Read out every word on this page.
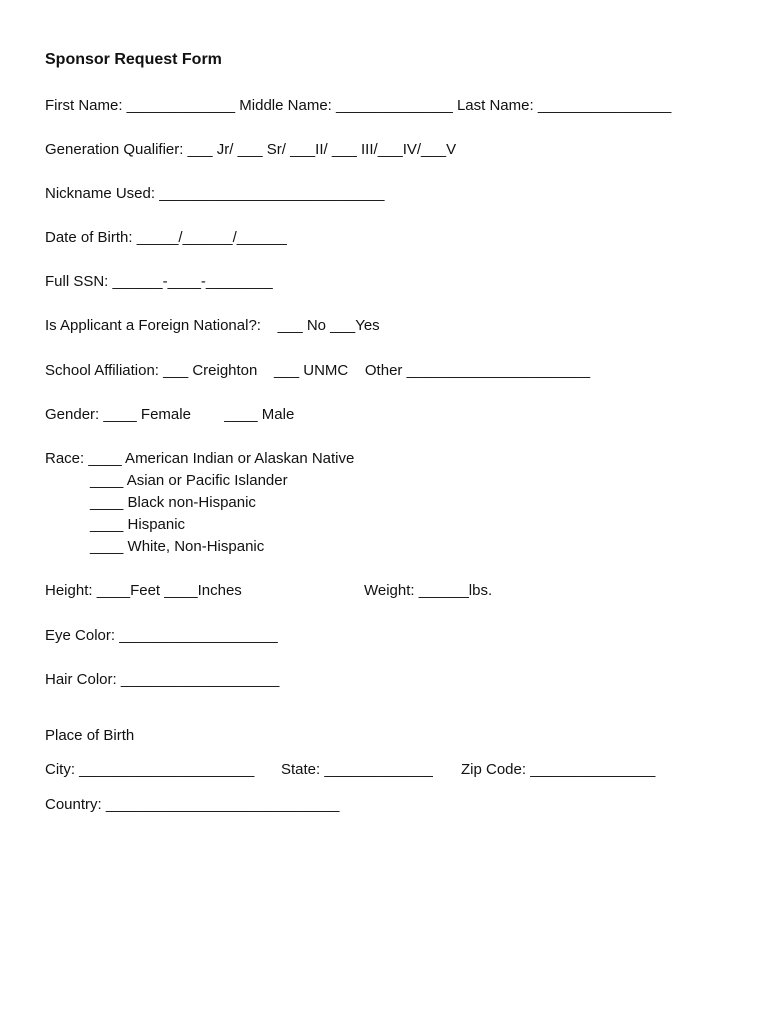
Sponsor Request Form
First Name: _____________ Middle Name: ______________ Last Name: ________________
Generation Qualifier: ___ Jr/ ___ Sr/ ___II/ ___ III/___IV/___V
Nickname Used: ___________________________
Date of Birth: _____/______/______
Full SSN: ______-____-________
Is Applicant a Foreign National?:    ___ No ___Yes
School Affiliation: ___ Creighton    ___ UNMC    Other ______________________
Gender: ____ Female        ____ Male
Race: ____ American Indian or Alaskan Native
____ Asian or Pacific Islander
____ Black non-Hispanic
____ Hispanic
____ White, Non-Hispanic
Height: ____Feet ____Inches	Weight: ______lbs.
Eye Color: ___________________
Hair Color: ___________________
Place of Birth
City: _____________________ State: _____________ Zip Code: _______________
Country: ____________________________
